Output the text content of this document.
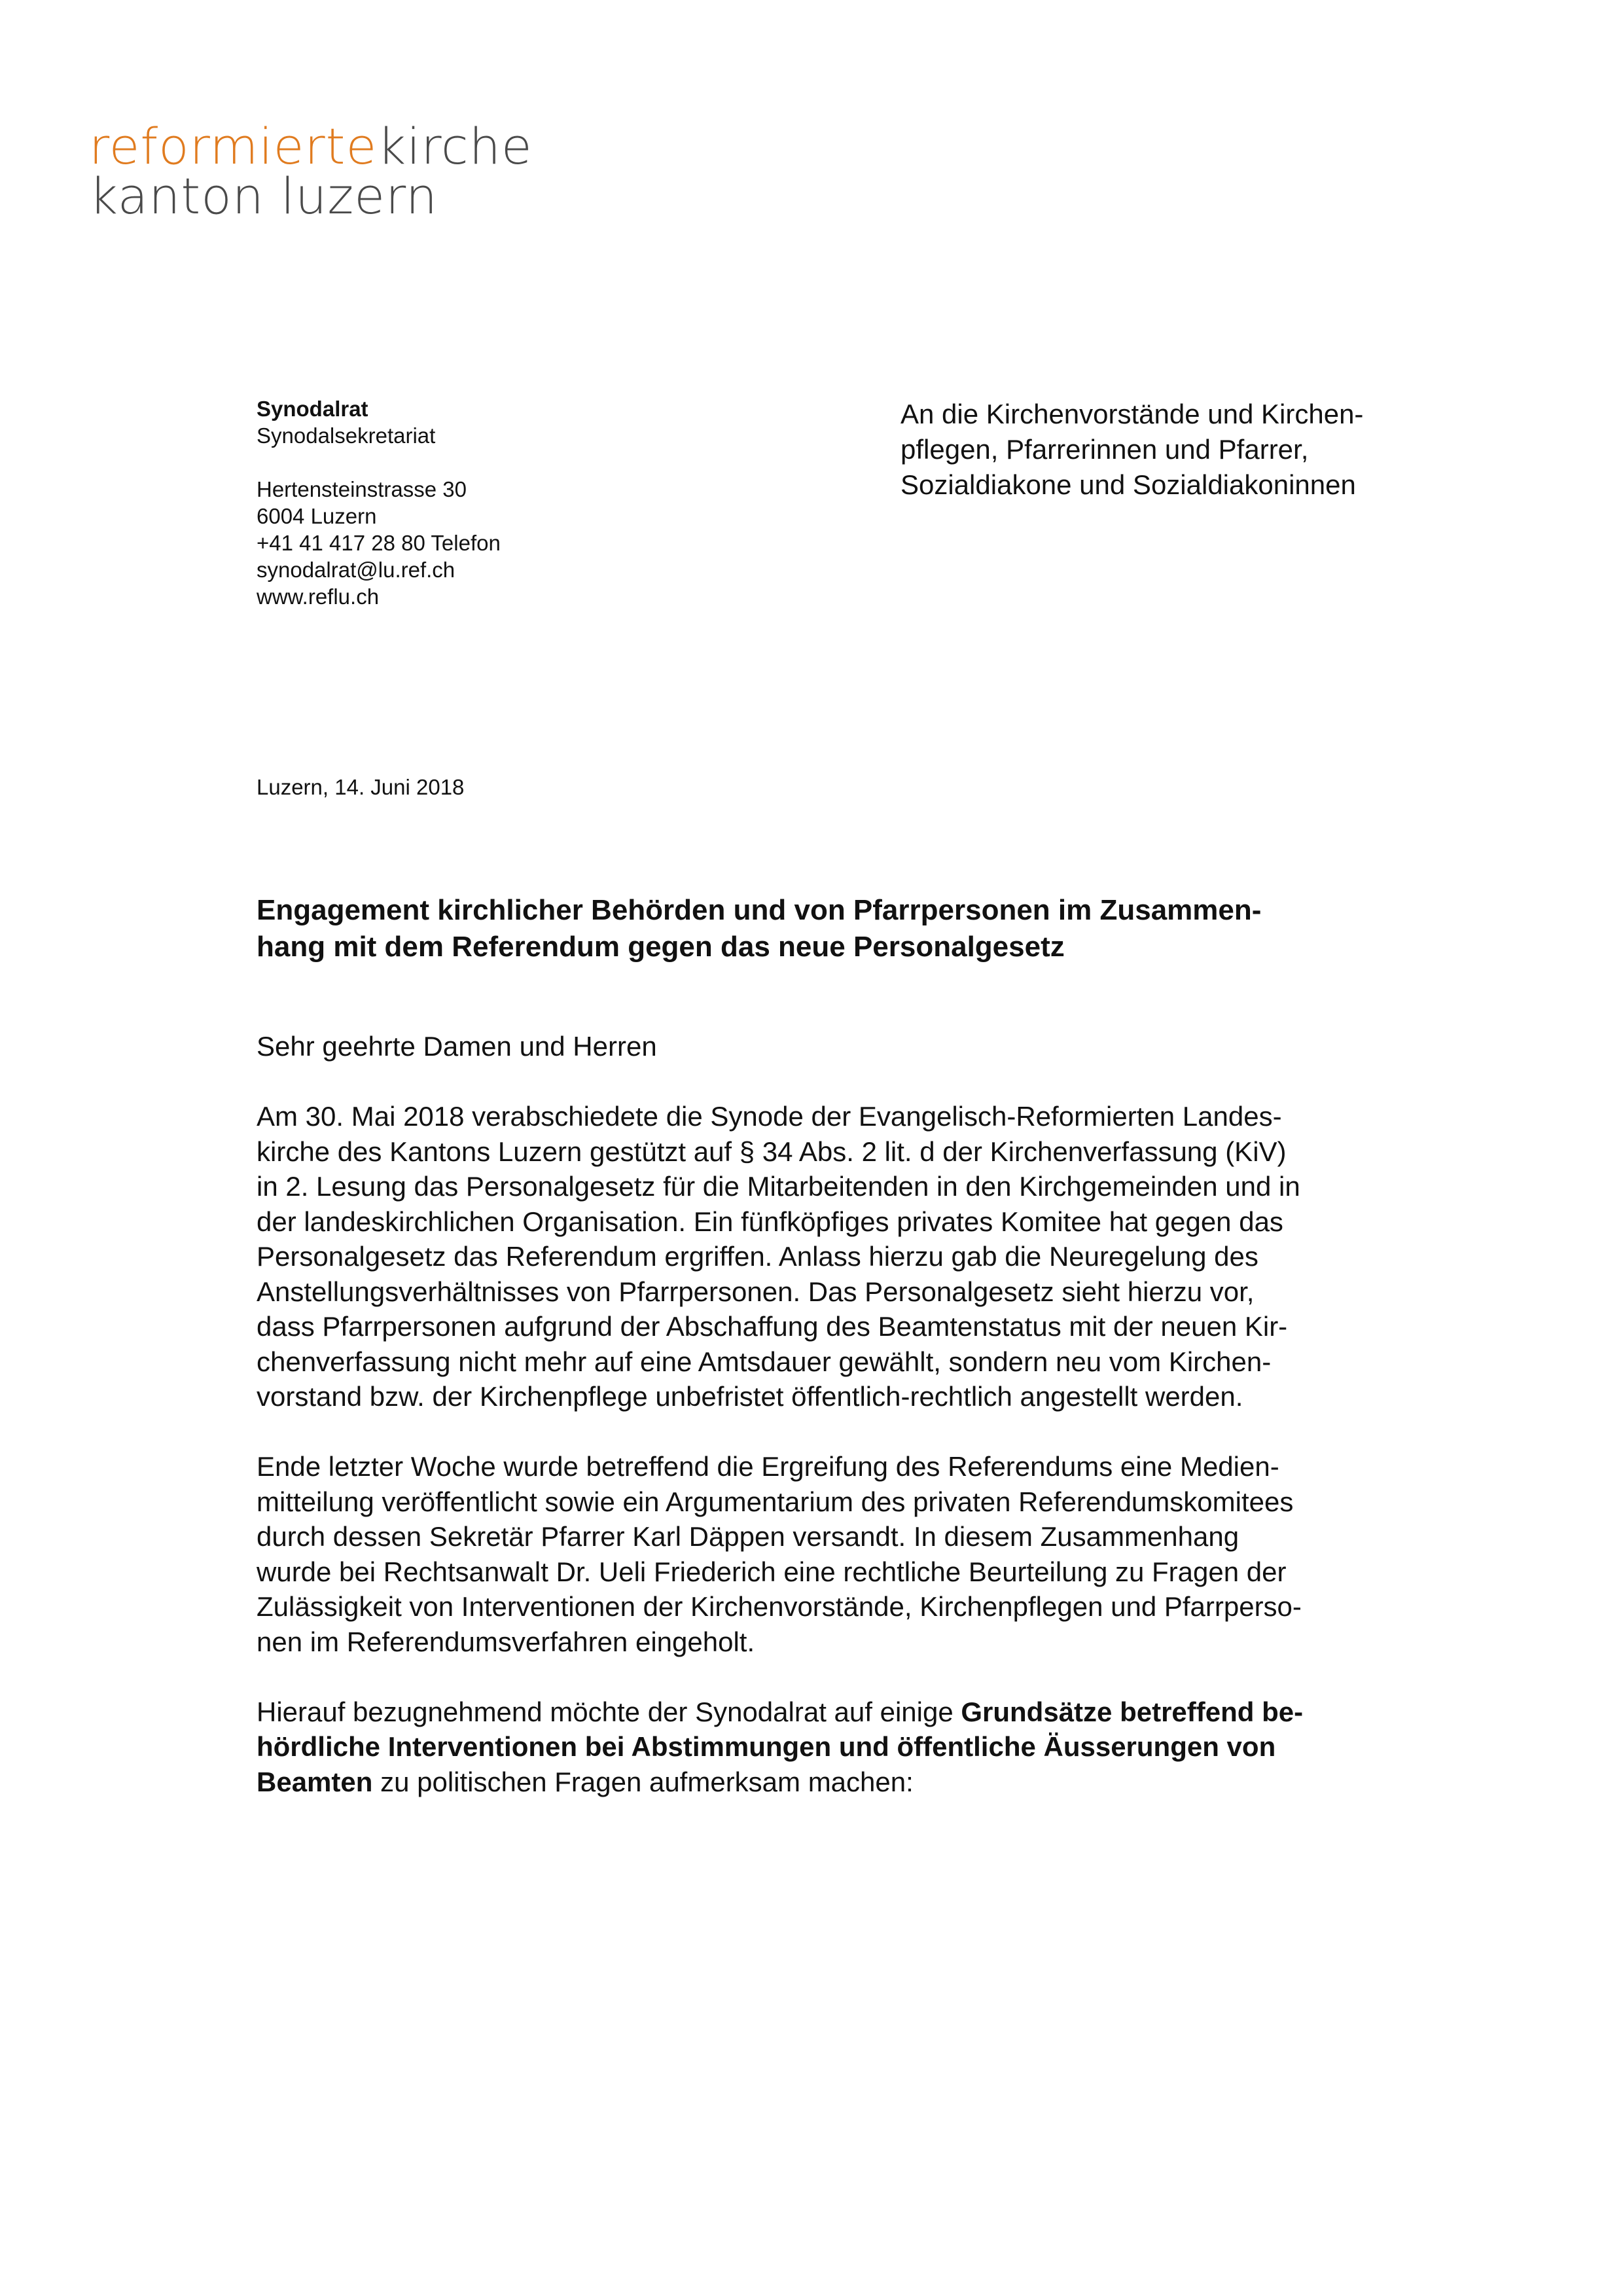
reformiertekirche
kanton luzern
Synodalrat
Synodalsekretariat
Hertensteinstrasse 30
6004 Luzern
+41 41 417 28 80 Telefon
synodalrat@lu.ref.ch
www.reflu.ch
An die Kirchenvorstände und Kirchen-
pflegen, Pfarrerinnen und Pfarrer,
Sozialdiakone und Sozialdiakoninnen
Luzern, 14. Juni 2018
Engagement kirchlicher Behörden und von Pfarrpersonen im Zusammen-
hang mit dem Referendum gegen das neue Personalgesetz

Sehr geehrte Damen und Herren

Am 30. Mai 2018 verabschiedete die Synode der Evangelisch-Reformierten Landes-
kirche des Kantons Luzern gestützt auf § 34 Abs. 2 lit. d der Kirchenverfassung (KiV)
in 2. Lesung das Personalgesetz für die Mitarbeitenden in den Kirchgemeinden und in
der landeskirchlichen Organisation. Ein fünfköpfiges privates Komitee hat gegen das
Personalgesetz das Referendum ergriffen. Anlass hierzu gab die Neuregelung des
Anstellungsverhältnisses von Pfarrpersonen. Das Personalgesetz sieht hierzu vor,
dass Pfarrpersonen aufgrund der Abschaffung des Beamtenstatus mit der neuen Kir-
chenverfassung nicht mehr auf eine Amtsdauer gewählt, sondern neu vom Kirchen-
vorstand bzw. der Kirchenpflege unbefristet öffentlich-rechtlich angestellt werden.

Ende letzter Woche wurde betreffend die Ergreifung des Referendums eine Medien-
mitteilung veröffentlicht sowie ein Argumentarium des privaten Referendumskomitees
durch dessen Sekretär Pfarrer Karl Däppen versandt. In diesem Zusammenhang
wurde bei Rechtsanwalt Dr. Ueli Friederich eine rechtliche Beurteilung zu Fragen der
Zulässigkeit von Interventionen der Kirchenvorstände, Kirchenpflegen und Pfarrperso-
nen im Referendumsverfahren eingeholt.

Hierauf bezugnehmend möchte der Synodalrat auf einige Grundsätze betreffend be-
hördliche Interventionen bei Abstimmungen und öffentliche Äusserungen von
Beamten zu politischen Fragen aufmerksam machen:
